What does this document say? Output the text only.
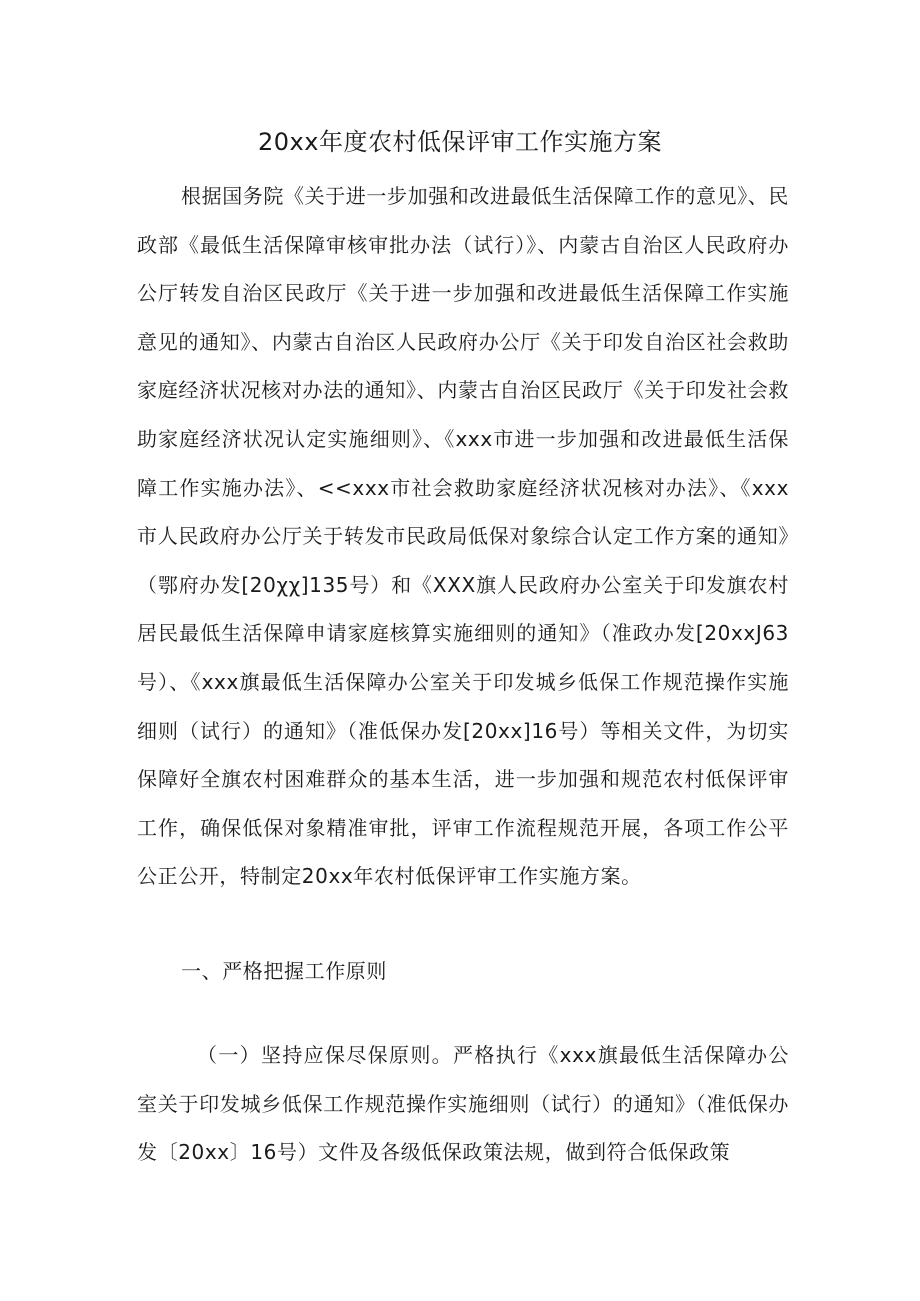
20xx年度农村低保评审工作实施方案

根据国务院《关于进一步加强和改进最低生活保障工作的意见》、民政部《最低生活保障审核审批办法（试行）》、内蒙古自治区人民政府办公厅转发自治区民政厅《关于进一步加强和改进最低生活保障工作实施意见的通知》、内蒙古自治区人民政府办公厅《关于印发自治区社会救助家庭经济状况核对办法的通知》、内蒙古自治区民政厅《关于印发社会救助家庭经济状况认定实施细则》、《xxx市进一步加强和改进最低生活保障工作实施办法》、<<xxx市社会救助家庭经济状况核对办法》、《xxx市人民政府办公厅关于转发市民政局低保对象综合认定工作方案的通知》（鄂府办发[20χχ]135号）和《XXX旗人民政府办公室关于印发旗农村居民最低生活保障申请家庭核算实施细则的通知》（准政办发[20xxJ63号）、《xxx旗最低生活保障办公室关于印发城乡低保工作规范操作实施细则（试行）的通知》（准低保办发[20xx]16号）等相关文件，为切实保障好全旗农村困难群众的基本生活，进一步加强和规范农村低保评审工作，确保低保对象精准审批，评审工作流程规范开展，各项工作公平公正公开，特制定20xx年农村低保评审工作实施方案。

一、严格把握工作原则

（一）坚持应保尽保原则。严格执行《xxx旗最低生活保障办公室关于印发城乡低保工作规范操作实施细则（试行）的通知》（准低保办发〔20xx〕16号）文件及各级低保政策法规，做到符合低保政策
